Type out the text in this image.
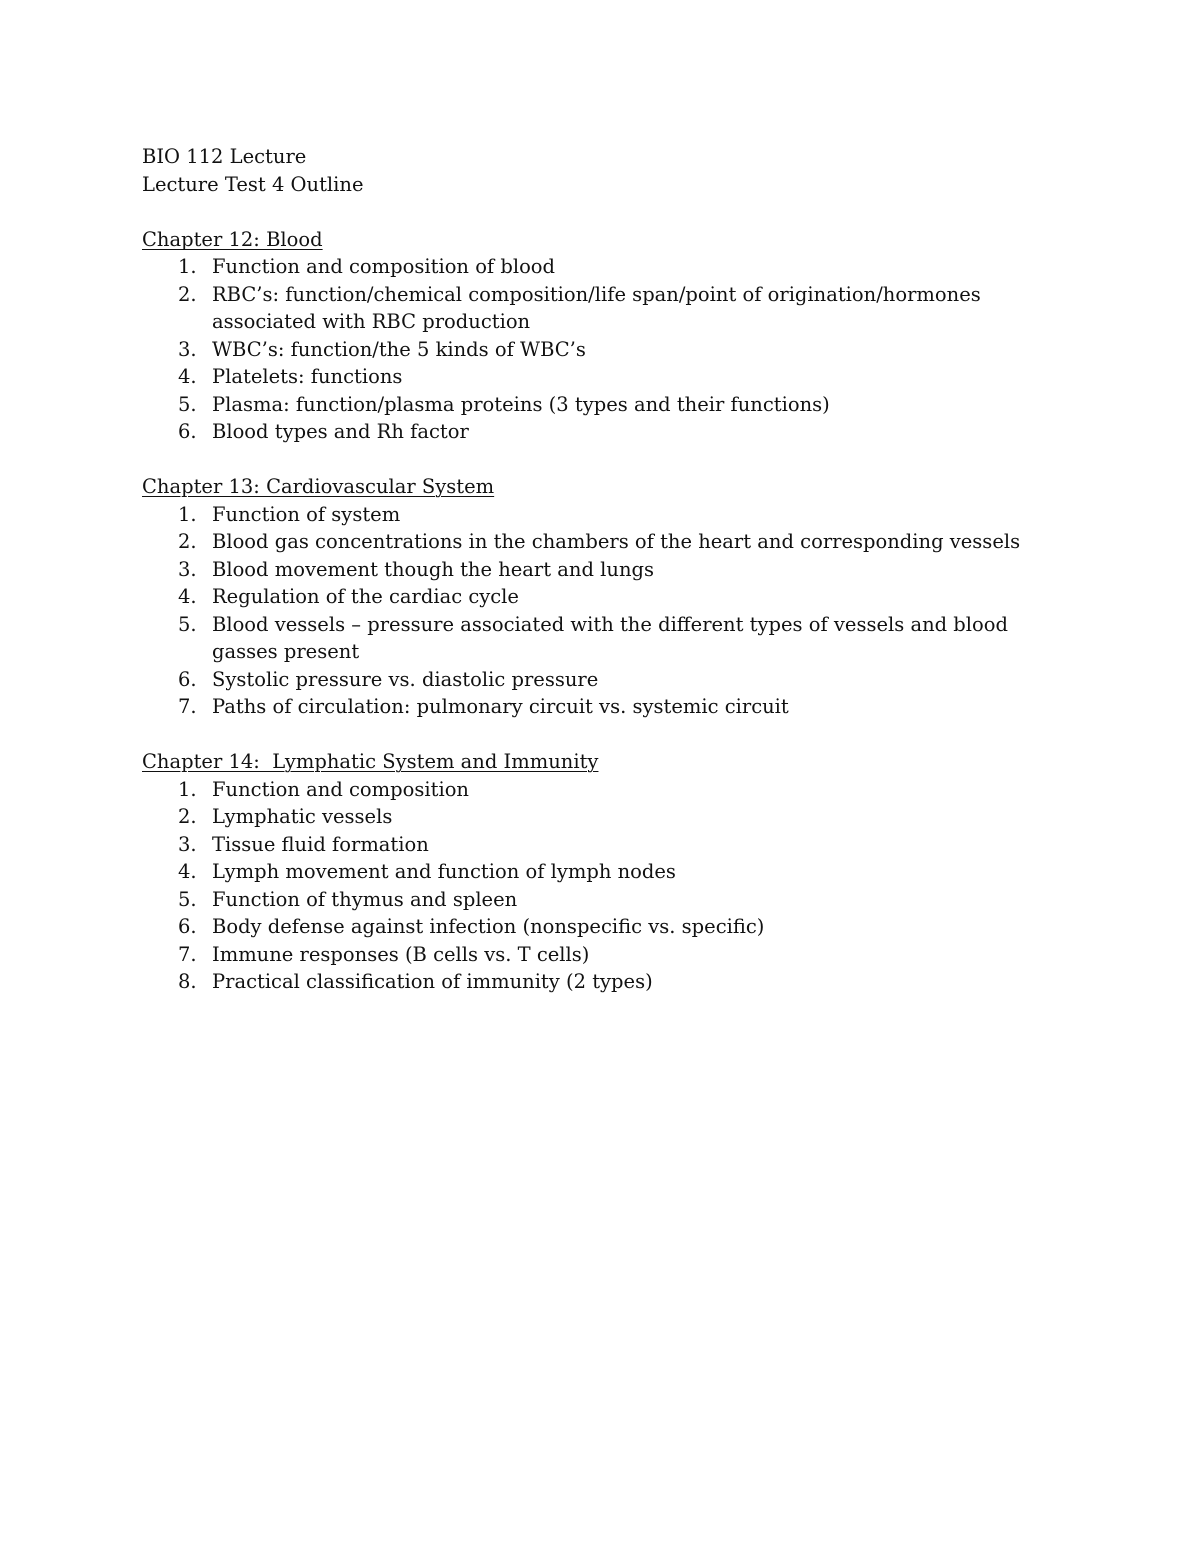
BIO 112 Lecture

Lecture Test 4 Outline

Chapter 12: Blood

1. Function and composition of blood
2. RBC’s: function/chemical composition/life span/point of origination/hormones associated with RBC production
3. WBC’s: function/the 5 kinds of WBC’s
4. Platelets: functions
5. Plasma: function/plasma proteins (3 types and their functions)
6. Blood types and Rh factor

Chapter 13: Cardiovascular System

1. Function of system
2. Blood gas concentrations in the chambers of the heart and corresponding vessels
3. Blood movement though the heart and lungs
4. Regulation of the cardiac cycle
5. Blood vessels – pressure associated with the different types of vessels and blood gasses present
6. Systolic pressure vs. diastolic pressure
7. Paths of circulation: pulmonary circuit vs. systemic circuit

Chapter 14:  Lymphatic System and Immunity

1. Function and composition
2. Lymphatic vessels
3. Tissue fluid formation
4. Lymph movement and function of lymph nodes
5. Function of thymus and spleen
6. Body defense against infection (nonspecific vs. specific)
7. Immune responses (B cells vs. T cells)
8. Practical classification of immunity (2 types)
